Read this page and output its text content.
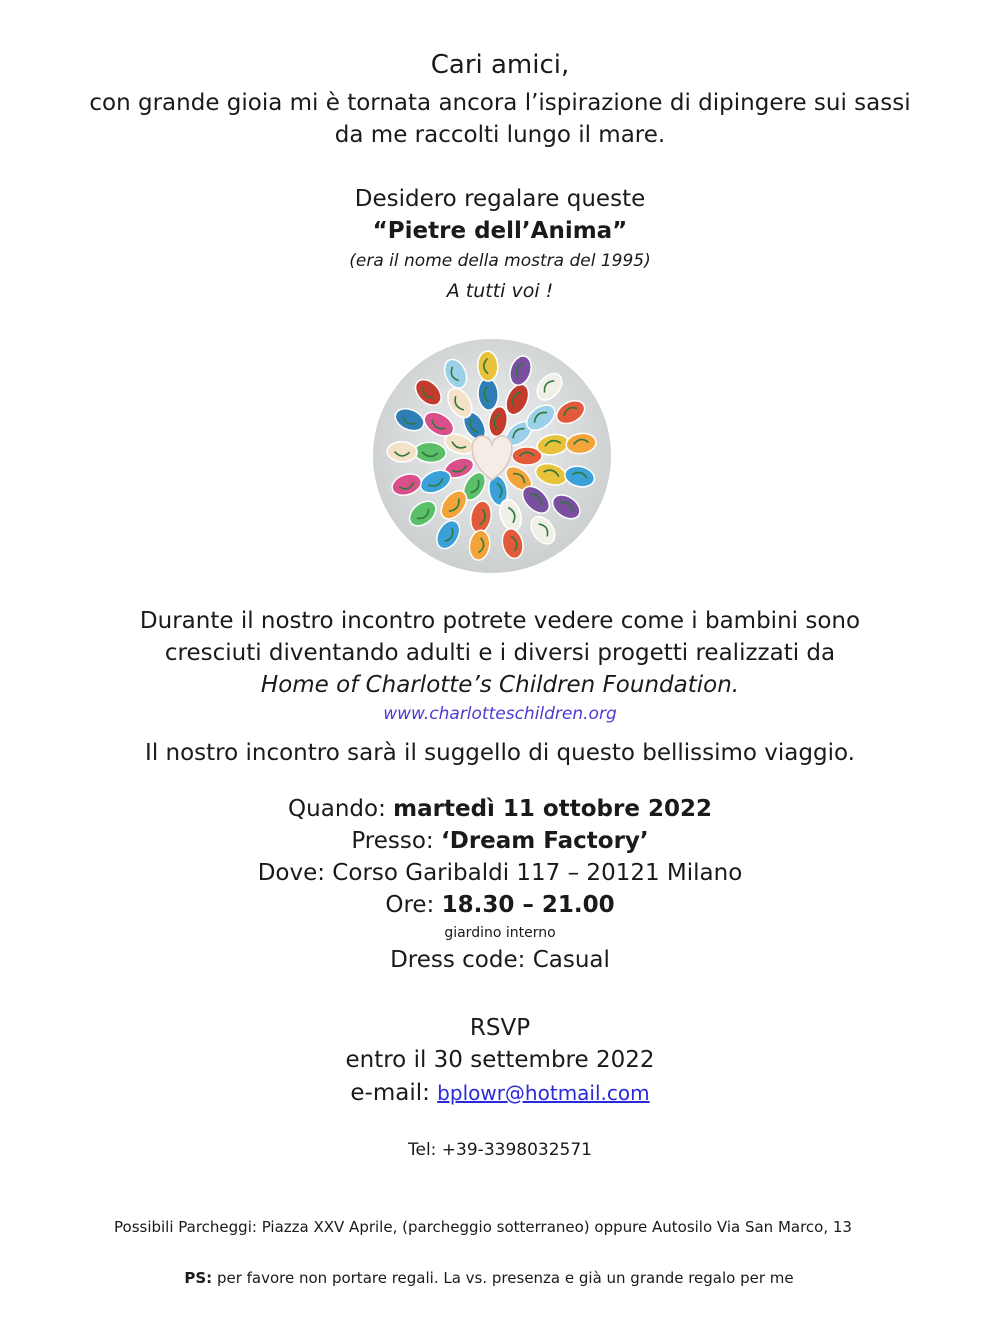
Cari amici,
con grande gioia mi è tornata ancora l’ispirazione di dipingere sui sassi
da me raccolti lungo il mare.
Desidero regalare queste
“Pietre dell’Anima”
(era il nome della mostra del 1995)
A tutti voi !
Durante il nostro incontro potrete vedere come i bambini sono
cresciuti diventando adulti e i diversi progetti realizzati da
Home of Charlotte’s Children Foundation.
www.charlotteschildren.org
Il nostro incontro sarà il suggello di questo bellissimo viaggio.
Quando: martedì 11 ottobre 2022
Presso: ‘Dream Factory’
Dove: Corso Garibaldi 117 – 20121 Milano
Ore: 18.30 – 21.00
giardino interno
Dress code: Casual
RSVP
entro il 30 settembre 2022
e-mail: bplowr@hotmail.com
Tel: +39-3398032571
Possibili Parcheggi: Piazza XXV Aprile, (parcheggio sotterraneo) oppure Autosilo Via San Marco, 13
PS: per favore non portare regali. La vs. presenza e già un grande regalo per me
